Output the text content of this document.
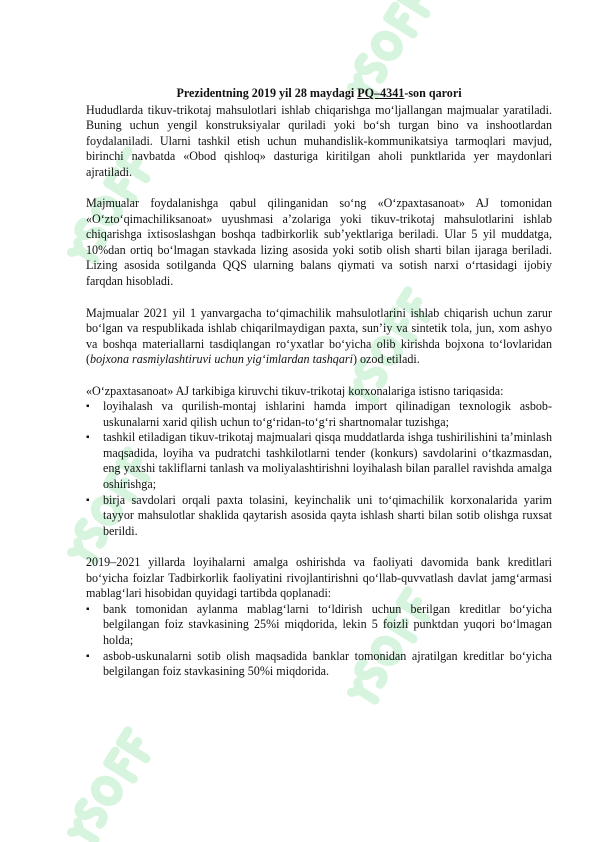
Prezidentning 2019 yil 28 maydagi PQ–4341-son qarori

Hududlarda tikuv-trikotaj mahsulotlari ishlab chiqarishga mo‘ljallangan majmualar yaratiladi. Buning uchun yengil konstruksiyalar quriladi yoki bo‘sh turgan bino va inshootlardan foydalaniladi. Ularni tashkil etish uchun muhandislik-kommunikatsiya tarmoqlari mavjud, birinchi navbatda «Obod qishloq» dasturiga kiritilgan aholi punktlarida yer maydonlari ajratiladi.

Majmualar foydalanishga qabul qilinganidan so‘ng «O‘zpaxtasanoat» AJ tomonidan «O‘zto‘qimachiliksanoat» uyushmasi a’zolariga yoki tikuv-trikotaj mahsulotlarini ishlab chiqarishga ixtisoslashgan boshqa tadbirkorlik sub’yektlariga beriladi. Ular 5 yil muddatga, 10%dan ortiq bo‘lmagan stavkada lizing asosida yoki sotib olish sharti bilan ijaraga beriladi. Lizing asosida sotilganda QQS ularning balans qiymati va sotish narxi o‘rtasidagi ijobiy farqdan hisobladi.

Majmualar 2021 yil 1 yanvargacha to‘qimachilik mahsulotlarini ishlab chiqarish uchun zarur bo‘lgan va respublikada ishlab chiqarilmaydigan paxta, sun’iy va sintetik tola, jun, xom ashyo va boshqa materiallarni tasdiqlangan ro‘yxatlar bo‘yicha olib kirishda bojxona to‘lovlaridan (bojxona rasmiylashtiruvi uchun yig‘imlardan tashqari) ozod etiladi.

«O‘zpaxtasanoat» AJ tarkibiga kiruvchi tikuv-trikotaj korxonalariga istisno tariqasida:

▪	loyihalash va qurilish-montaj ishlarini hamda import qilinadigan texnologik asbob-uskunalarni xarid qilish uchun to‘g‘ridan-to‘g‘ri shartnomalar tuzishga;
▪	tashkil etiladigan tikuv-trikotaj majmualari qisqa muddatlarda ishga tushirilishini ta’minlash maqsadida, loyiha va pudratchi tashkilotlarni tender (konkurs) savdolarini o‘tkazmasdan, eng yaxshi takliflarni tanlash va moliyalashtirishni loyihalash bilan parallel ravishda amalga oshirishga;
▪	birja savdolari orqali paxta tolasini, keyinchalik uni to‘qimachilik korxonalarida yarim tayyor mahsulotlar shaklida qaytarish asosida qayta ishlash sharti bilan sotib olishga ruxsat berildi.

2019–2021 yillarda loyihalarni amalga oshirishda va faoliyati davomida bank kreditlari bo‘yicha foizlar Tadbirkorlik faoliyatini rivojlantirishni qo‘llab-quvvatlash davlat jamg‘armasi mablag‘lari hisobidan quyidagi tartibda qoplanadi:

▪	bank tomonidan aylanma mablag‘larni to‘ldirish uchun berilgan kreditlar bo‘yicha belgilangan foiz stavkasining 25%i miqdorida, lekin 5 foizli punktdan yuqori bo‘lmagan holda;
▪	asbob-uskunalarni sotib olish maqsadida banklar tomonidan ajratilgan kreditlar bo‘yicha belgilangan foiz stavkasining 50%i miqdorida.
